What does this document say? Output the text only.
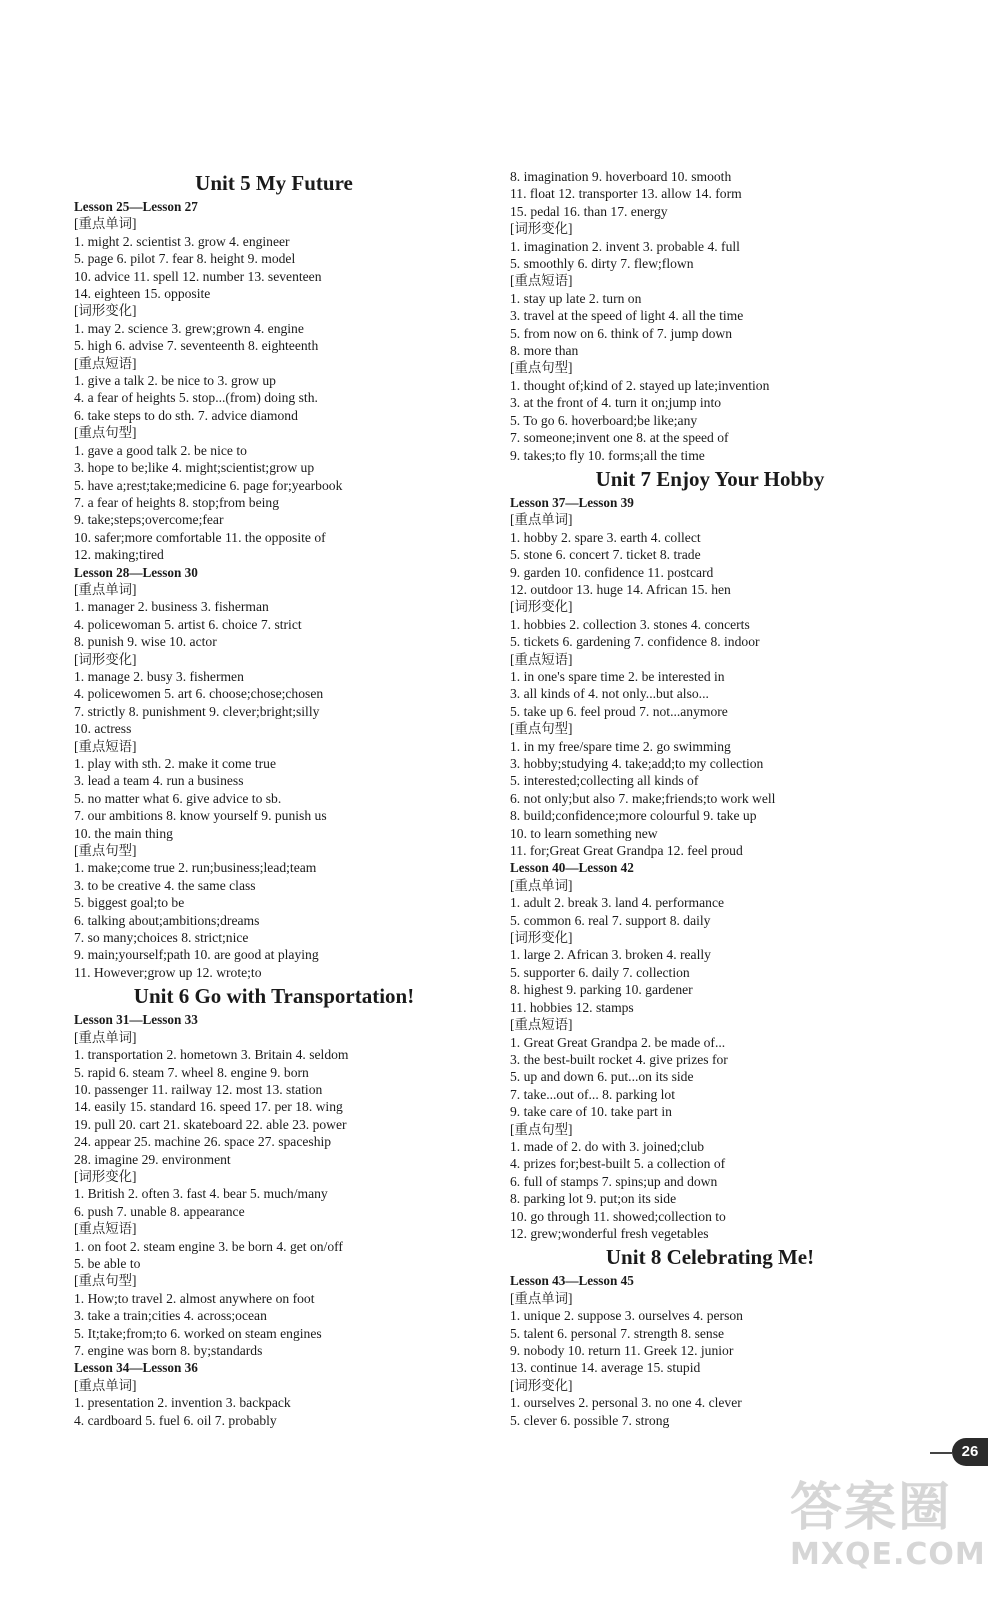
Unit 5 My Future
Lesson 25—Lesson 27
[重点单词]
1. might 2. scientist 3. grow 4. engineer
5. page 6. pilot 7. fear 8. height 9. model
10. advice 11. spell 12. number 13. seventeen
14. eighteen 15. opposite
[词形变化]
1. may 2. science 3. grew;grown 4. engine
5. high 6. advise 7. seventeenth 8. eighteenth
[重点短语]
1. give a talk 2. be nice to 3. grow up
4. a fear of heights 5. stop...(from) doing sth.
6. take steps to do sth. 7. advice diamond
[重点句型]
1. gave a good talk 2. be nice to
3. hope to be;like 4. might;scientist;grow up
5. have a;rest;take;medicine 6. page for;yearbook
7. a fear of heights 8. stop;from being
9. take;steps;overcome;fear
10. safer;more comfortable 11. the opposite of
12. making;tired
Lesson 28—Lesson 30
[重点单词]
1. manager 2. business 3. fisherman
4. policewoman 5. artist 6. choice 7. strict
8. punish 9. wise 10. actor
[词形变化]
1. manage 2. busy 3. fishermen
4. policewomen 5. art 6. choose;chose;chosen
7. strictly 8. punishment 9. clever;bright;silly
10. actress
[重点短语]
1. play with sth. 2. make it come true
3. lead a team 4. run a business
5. no matter what 6. give advice to sb.
7. our ambitions 8. know yourself 9. punish us
10. the main thing
[重点句型]
1. make;come true 2. run;business;lead;team
3. to be creative 4. the same class
5. biggest goal;to be
6. talking about;ambitions;dreams
7. so many;choices 8. strict;nice
9. main;yourself;path 10. are good at playing
11. However;grow up 12. wrote;to
Unit 6 Go with Transportation!
Lesson 31—Lesson 33
[重点单词]
1. transportation 2. hometown 3. Britain 4. seldom
5. rapid 6. steam 7. wheel 8. engine 9. born
10. passenger 11. railway 12. most 13. station
14. easily 15. standard 16. speed 17. per 18. wing
19. pull 20. cart 21. skateboard 22. able 23. power
24. appear 25. machine 26. space 27. spaceship
28. imagine 29. environment
[词形变化]
1. British 2. often 3. fast 4. bear 5. much/many
6. push 7. unable 8. appearance
[重点短语]
1. on foot 2. steam engine 3. be born 4. get on/off
5. be able to
[重点句型]
1. How;to travel 2. almost anywhere on foot
3. take a train;cities 4. across;ocean
5. It;take;from;to 6. worked on steam engines
7. engine was born 8. by;standards
Lesson 34—Lesson 36
[重点单词]
1. presentation 2. invention 3. backpack
4. cardboard 5. fuel 6. oil 7. probably
8. imagination 9. hoverboard 10. smooth
11. float 12. transporter 13. allow 14. form
15. pedal 16. than 17. energy
[词形变化]
1. imagination 2. invent 3. probable 4. full
5. smoothly 6. dirty 7. flew;flown
[重点短语]
1. stay up late 2. turn on
3. travel at the speed of light 4. all the time
5. from now on 6. think of 7. jump down
8. more than
[重点句型]
1. thought of;kind of 2. stayed up late;invention
3. at the front of 4. turn it on;jump into
5. To go 6. hoverboard;be like;any
7. someone;invent one 8. at the speed of
9. takes;to fly 10. forms;all the time
Unit 7 Enjoy Your Hobby
Lesson 37—Lesson 39
[重点单词]
1. hobby 2. spare 3. earth 4. collect
5. stone 6. concert 7. ticket 8. trade
9. garden 10. confidence 11. postcard
12. outdoor 13. huge 14. African 15. hen
[词形变化]
1. hobbies 2. collection 3. stones 4. concerts
5. tickets 6. gardening 7. confidence 8. indoor
[重点短语]
1. in one's spare time 2. be interested in
3. all kinds of 4. not only...but also...
5. take up 6. feel proud 7. not...anymore
[重点句型]
1. in my free/spare time 2. go swimming
3. hobby;studying 4. take;add;to my collection
5. interested;collecting all kinds of
6. not only;but also 7. make;friends;to work well
8. build;confidence;more colourful 9. take up
10. to learn something new
11. for;Great Great Grandpa 12. feel proud
Lesson 40—Lesson 42
[重点单词]
1. adult 2. break 3. land 4. performance
5. common 6. real 7. support 8. daily
[词形变化]
1. large 2. African 3. broken 4. really
5. supporter 6. daily 7. collection
8. highest 9. parking 10. gardener
11. hobbies 12. stamps
[重点短语]
1. Great Great Grandpa 2. be made of...
3. the best-built rocket 4. give prizes for
5. up and down 6. put...on its side
7. take...out of... 8. parking lot
9. take care of 10. take part in
[重点句型]
1. made of 2. do with 3. joined;club
4. prizes for;best-built 5. a collection of
6. full of stamps 7. spins;up and down
8. parking lot 9. put;on its side
10. go through 11. showed;collection to
12. grew;wonderful fresh vegetables
Unit 8 Celebrating Me!
Lesson 43—Lesson 45
[重点单词]
1. unique 2. suppose 3. ourselves 4. person
5. talent 6. personal 7. strength 8. sense
9. nobody 10. return 11. Greek 12. junior
13. continue 14. average 15. stupid
[词形变化]
1. ourselves 2. personal 3. no one 4. clever
5. clever 6. possible 7. strong
26
答案圈
MXQE.COM
